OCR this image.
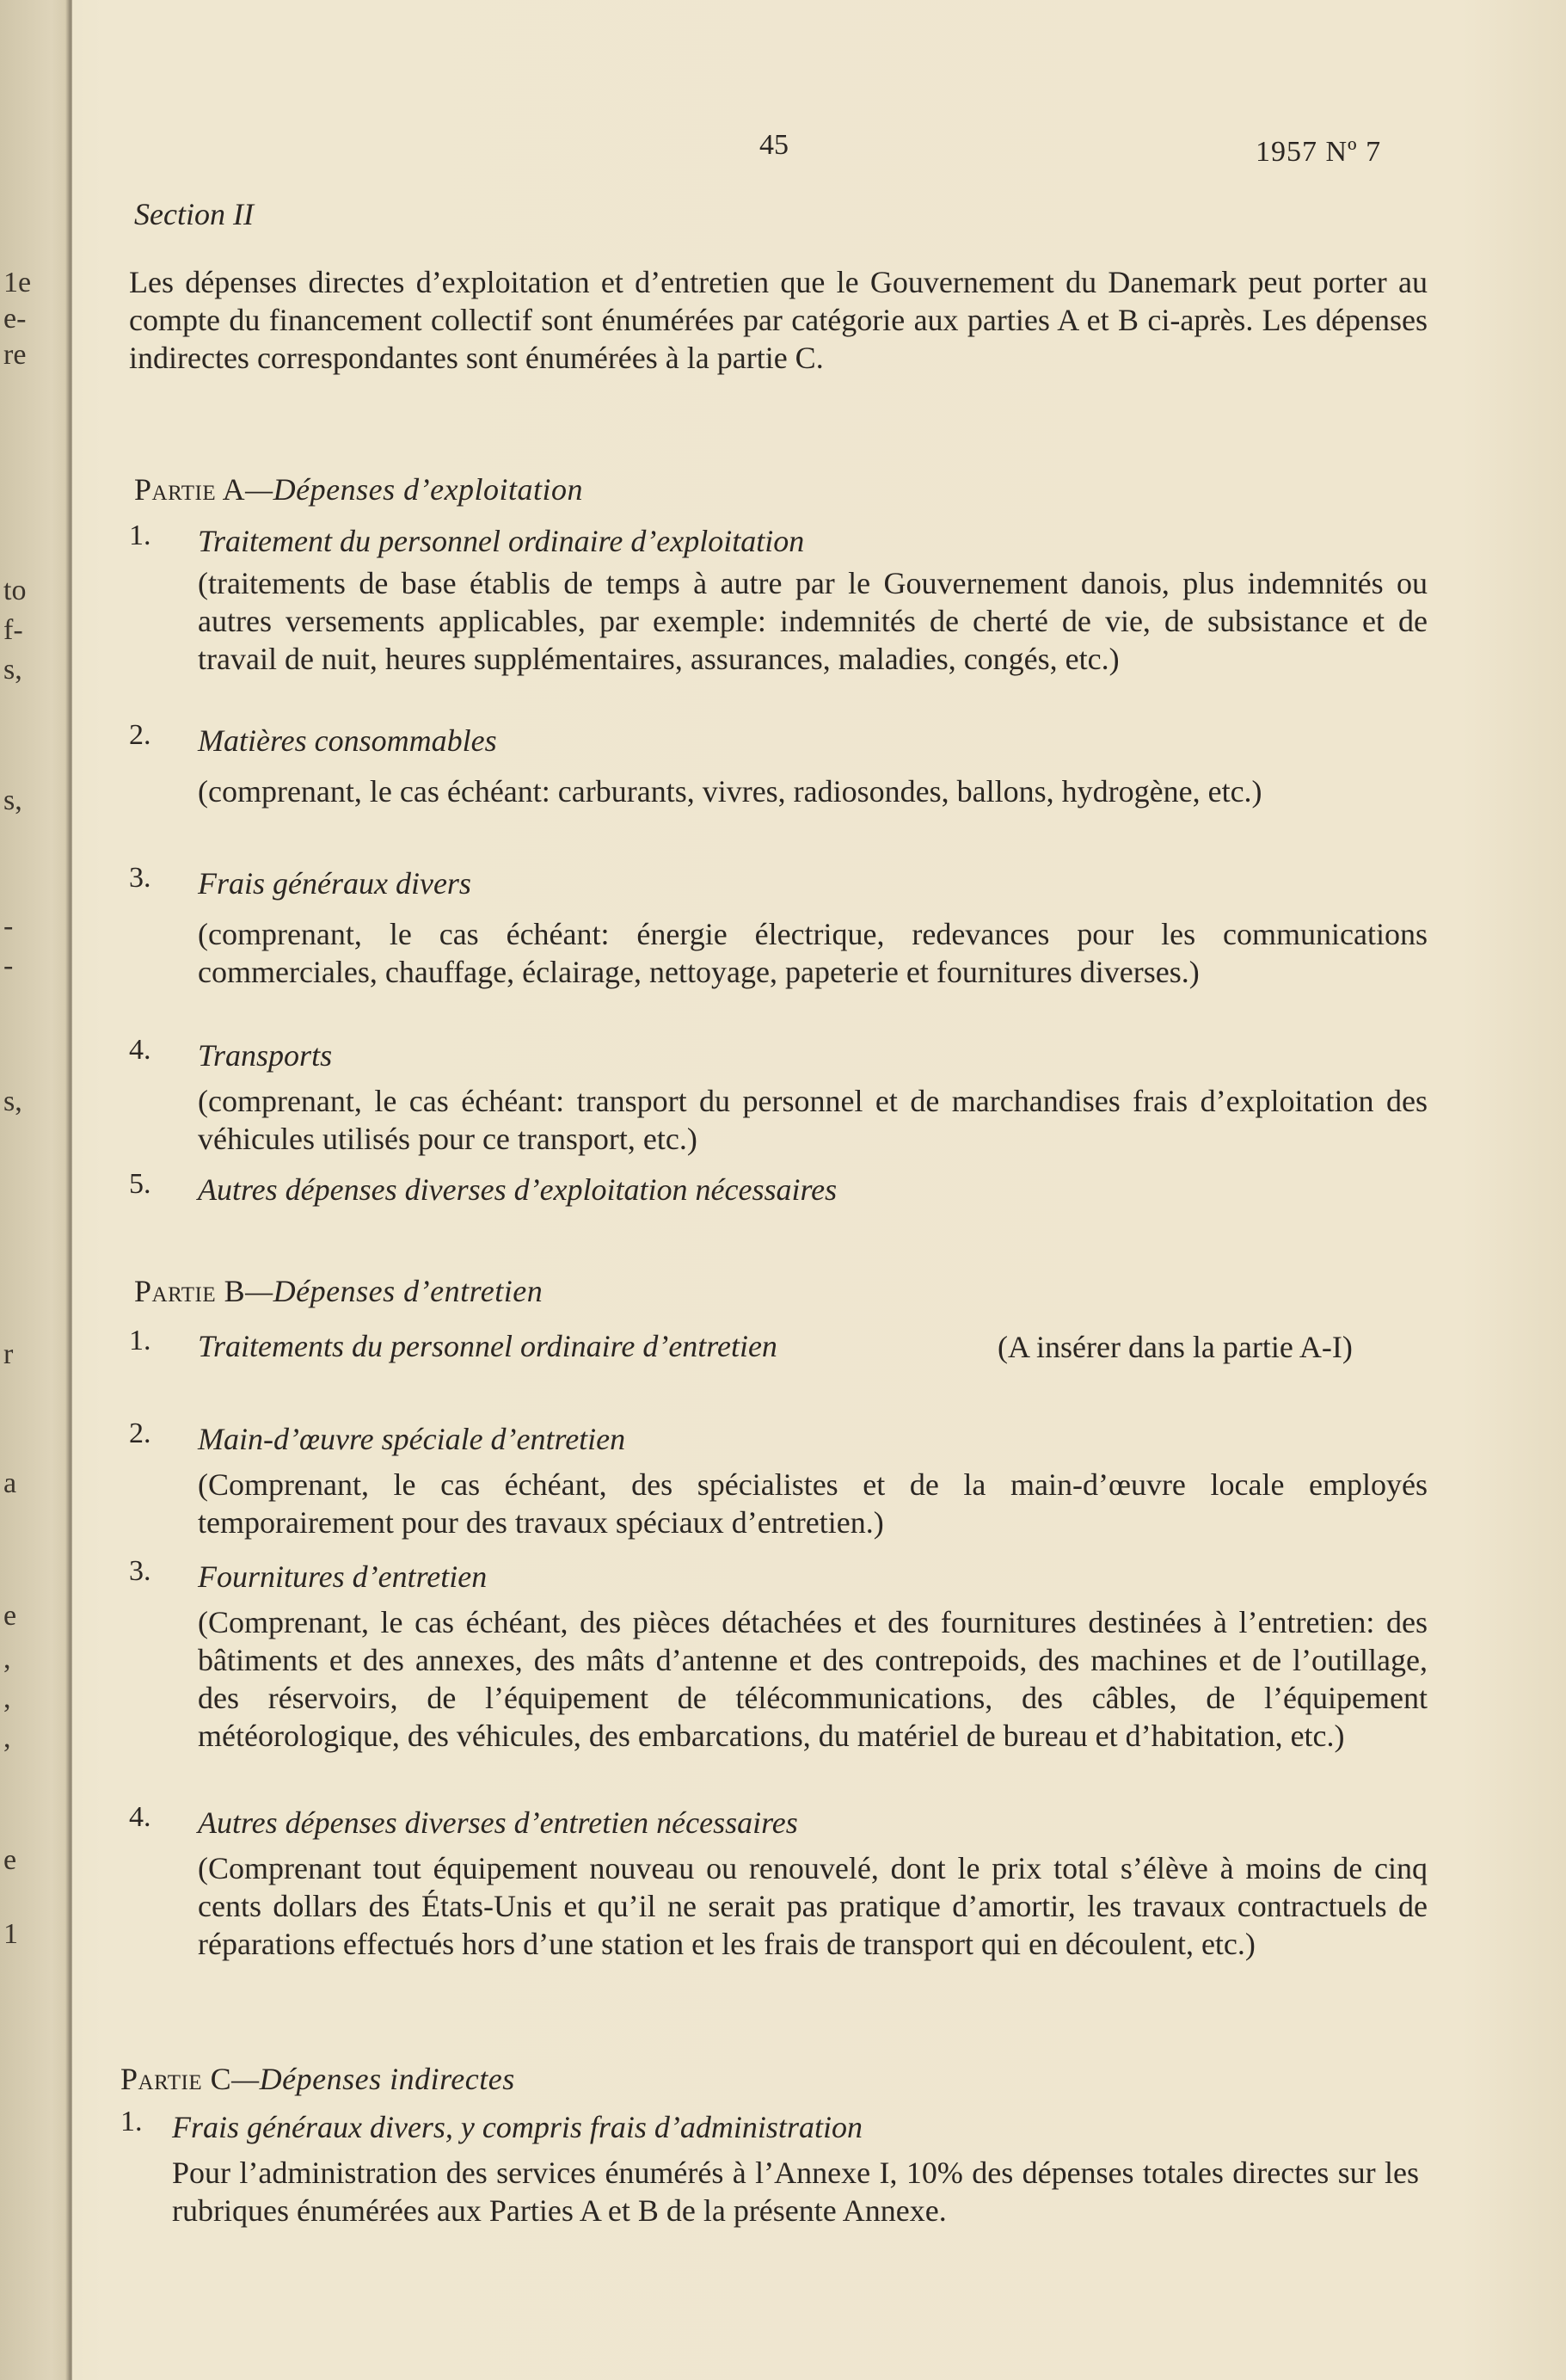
1e
e-
re
to
f-
s,
s,
-
-
s,
r
a
e
,
,
,
e
1
45	1957 Nº 7
Section II
Les dépenses directes d’exploitation et d’entretien que le Gouvernement du Danemark peut porter au compte du financement collectif sont énumérées par catégorie aux parties A et B ci-après. Les dépenses indirectes correspondantes sont énumérées à la partie C.
Partie A—Dépenses d’exploitation
1.	Traitement du personnel ordinaire d’exploitation
(traitements de base établis de temps à autre par le Gouvernement danois, plus indemnités ou autres versements applicables, par exemple: indemnités de cherté de vie, de subsistance et de travail de nuit, heures supplémentaires, assurances, maladies, congés, etc.)
2.	Matières consommables
(comprenant, le cas échéant: carburants, vivres, radiosondes, ballons, hydrogène, etc.)
3.	Frais généraux divers
(comprenant, le cas échéant: énergie électrique, redevances pour les communications commerciales, chauffage, éclairage, nettoyage, papeterie et fournitures diverses.)
4.	Transports
(comprenant, le cas échéant: transport du personnel et de marchandises frais d’exploitation des véhicules utilisés pour ce transport, etc.)
5.	Autres dépenses diverses d’exploitation nécessaires
Partie B—Dépenses d’entretien
1.	Traitements du personnel ordinaire d’entretien	(A insérer dans la partie A-I)
2.	Main-d’œuvre spéciale d’entretien
(Comprenant, le cas échéant, des spécialistes et de la main-d’œuvre locale employés temporairement pour des travaux spéciaux d’entretien.)
3.	Fournitures d’entretien
(Comprenant, le cas échéant, des pièces détachées et des fournitures destinées à l’entretien: des bâtiments et des annexes, des mâts d’antenne et des contrepoids, des machines et de l’outillage, des réservoirs, de l’équipement de télécommunications, des câbles, de l’équipement météorologique, des véhicules, des embarcations, du matériel de bureau et d’habitation, etc.)
4.	Autres dépenses diverses d’entretien nécessaires
(Comprenant tout équipement nouveau ou renouvelé, dont le prix total s’élève à moins de cinq cents dollars des États-Unis et qu’il ne serait pas pratique d’amortir, les travaux contractuels de réparations effectués hors d’une station et les frais de transport qui en découlent, etc.)
Partie C—Dépenses indirectes
1. Frais généraux divers, y compris frais d’administration
Pour l’administration des services énumérés à l’Annexe I, 10% des dépenses totales directes sur les rubriques énumérées aux Parties A et B de la présente Annexe.
